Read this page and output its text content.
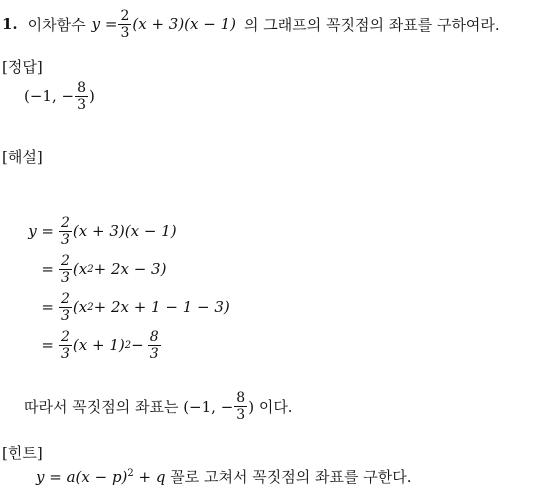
1. 이차함수 $y = \frac{2}{3} (x + 3)(x - 1)$ 의 그래프의 꼭짓점의 좌표를 구하여라.
[정답]
(−1, − $\frac{8}{3}$ )
[해설]
$y = \frac{2}{3} (x + 3)(x - 1)$
= $\frac{2}{3} (x$ 2 + 2x − 3)
= $\frac{2}{3} (x$ 2 + 2x + 1 − 1 − 3)
= $\frac{2}{3} (x + 1) 2 - \frac{8}{3}$
따라서 꼭짓점의 좌표는 (−1, − $\frac{8}{3}$ ) 이다.
[힌트]
$y = a(x - p)^2 + q$ 꼴로 고쳐서 꼭짓점의 좌표를 구한다.
